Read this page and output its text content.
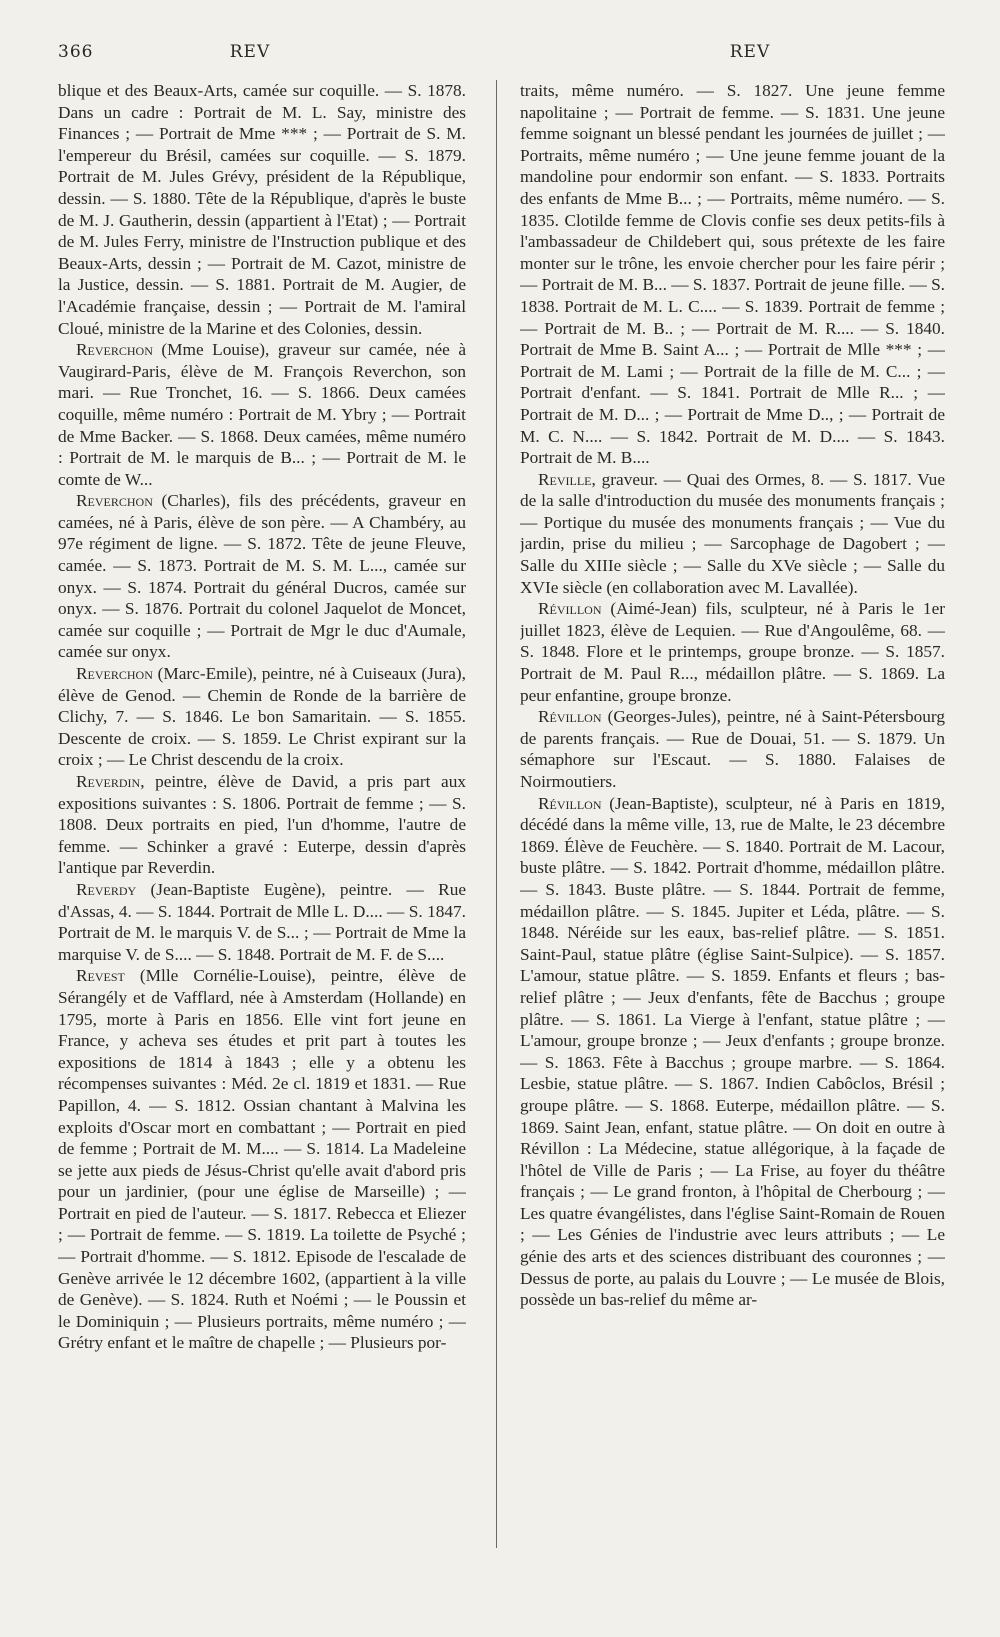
366	REV	REV

blique et des Beaux-Arts, camée sur coquille. — S. 1878. Dans un cadre : Portrait de M. L. Say, ministre des Finances ; — Portrait de Mme *** ; — Portrait de S. M. l'empereur du Brésil, camées sur coquille. — S. 1879. Portrait de M. Jules Grévy, président de la République, dessin. — S. 1880. Tête de la République, d'après le buste de M. J. Gautherin, dessin (appartient à l'Etat) ; — Portrait de M. Jules Ferry, ministre de l'Instruction publique et des Beaux-Arts, dessin ; — Portrait de M. Cazot, ministre de la Justice, dessin. — S. 1881. Portrait de M. Augier, de l'Académie française, dessin ; — Portrait de M. l'amiral Cloué, ministre de la Marine et des Colonies, dessin.

Reverchon (Mme Louise), graveur sur camée, née à Vaugirard-Paris, élève de M. François Reverchon, son mari. — Rue Tronchet, 16. — S. 1866. Deux camées coquille, même numéro : Portrait de M. Ybry ; — Portrait de Mme Backer. — S. 1868. Deux camées, même numéro : Portrait de M. le marquis de B... ; — Portrait de M. le comte de W...

Reverchon (Charles), fils des précédents, graveur en camées, né à Paris, élève de son père. — A Chambéry, au 97e régiment de ligne. — S. 1872. Tête de jeune Fleuve, camée. — S. 1873. Portrait de M. S. M. L..., camée sur onyx. — S. 1874. Portrait du général Ducros, camée sur onyx. — S. 1876. Portrait du colonel Jaquelot de Moncet, camée sur coquille ; — Portrait de Mgr le duc d'Aumale, camée sur onyx.

Reverchon (Marc-Emile), peintre, né à Cuiseaux (Jura), élève de Genod. — Chemin de Ronde de la barrière de Clichy, 7. — S. 1846. Le bon Samaritain. — S. 1855. Descente de croix. — S. 1859. Le Christ expirant sur la croix ; — Le Christ descendu de la croix.

Reverdin, peintre, élève de David, a pris part aux expositions suivantes : S. 1806. Portrait de femme ; — S. 1808. Deux portraits en pied, l'un d'homme, l'autre de femme. — Schinker a gravé : Euterpe, dessin d'après l'antique par Reverdin.

Reverdy (Jean-Baptiste Eugène), peintre. — Rue d'Assas, 4. — S. 1844. Portrait de Mlle L. D.... — S. 1847. Portrait de M. le marquis V. de S... ; — Portrait de Mme la marquise V. de S.... — S. 1848. Portrait de M. F. de S....

Revest (Mlle Cornélie-Louise), peintre, élève de Sérangély et de Vafflard, née à Amsterdam (Hollande) en 1795, morte à Paris en 1856. Elle vint fort jeune en France, y acheva ses études et prit part à toutes les expositions de 1814 à 1843 ; elle y a obtenu les récompenses suivantes : Méd. 2e cl. 1819 et 1831. — Rue Papillon, 4. — S. 1812. Ossian chantant à Malvina les exploits d'Oscar mort en combattant ; — Portrait en pied de femme ; Portrait de M. M.... — S. 1814. La Madeleine se jette aux pieds de Jésus-Christ qu'elle avait d'abord pris pour un jardinier, (pour une église de Marseille) ; — Portrait en pied de l'auteur. — S. 1817. Rebecca et Eliezer ; — Portrait de femme. — S. 1819. La toilette de Psyché ; — Portrait d'homme. — S. 1812. Episode de l'escalade de Genève arrivée le 12 décembre 1602, (appartient à la ville de Genève). — S. 1824. Ruth et Noémi ; — le Poussin et le Dominiquin ; — Plusieurs portraits, même numéro ; — Grétry enfant et le maître de chapelle ; — Plusieurs por-

traits, même numéro. — S. 1827. Une jeune femme napolitaine ; — Portrait de femme. — S. 1831. Une jeune femme soignant un blessé pendant les journées de juillet ; — Portraits, même numéro ; — Une jeune femme jouant de la mandoline pour endormir son enfant. — S. 1833. Portraits des enfants de Mme B... ; — Portraits, même numéro. — S. 1835. Clotilde femme de Clovis confie ses deux petits-fils à l'ambassadeur de Childebert qui, sous prétexte de les faire monter sur le trône, les envoie chercher pour les faire périr ; — Portrait de M. B... — S. 1837. Portrait de jeune fille. — S. 1838. Portrait de M. L. C.... — S. 1839. Portrait de femme ; — Portrait de M. B.. ; — Portrait de M. R.... — S. 1840. Portrait de Mme B. Saint A... ; — Portrait de Mlle *** ; — Portrait de M. Lami ; — Portrait de la fille de M. C... ; — Portrait d'enfant. — S. 1841. Portrait de Mlle R... ; — Portrait de M. D... ; — Portrait de Mme D.., ; — Portrait de M. C. N.... — S. 1842. Portrait de M. D.... — S. 1843. Portrait de M. B....

Reville, graveur. — Quai des Ormes, 8. — S. 1817. Vue de la salle d'introduction du musée des monuments français ; — Portique du musée des monuments français ; — Vue du jardin, prise du milieu ; — Sarcophage de Dagobert ; — Salle du XIIIe siècle ; — Salle du XVe siècle ; — Salle du XVIe siècle (en collaboration avec M. Lavallée).

Révillon (Aimé-Jean) fils, sculpteur, né à Paris le 1er juillet 1823, élève de Lequien. — Rue d'Angoulême, 68. — S. 1848. Flore et le printemps, groupe bronze. — S. 1857. Portrait de M. Paul R..., médaillon plâtre. — S. 1869. La peur enfantine, groupe bronze.

Révillon (Georges-Jules), peintre, né à Saint-Pétersbourg de parents français. — Rue de Douai, 51. — S. 1879. Un sémaphore sur l'Escaut. — S. 1880. Falaises de Noirmoutiers.

Révillon (Jean-Baptiste), sculpteur, né à Paris en 1819, décédé dans la même ville, 13, rue de Malte, le 23 décembre 1869. Élève de Feuchère. — S. 1840. Portrait de M. Lacour, buste plâtre. — S. 1842. Portrait d'homme, médaillon plâtre. — S. 1843. Buste plâtre. — S. 1844. Portrait de femme, médaillon plâtre. — S. 1845. Jupiter et Léda, plâtre. — S. 1848. Néréide sur les eaux, bas-relief plâtre. — S. 1851. Saint-Paul, statue plâtre (église Saint-Sulpice). — S. 1857. L'amour, statue plâtre. — S. 1859. Enfants et fleurs ; bas-relief plâtre ; — Jeux d'enfants, fête de Bacchus ; groupe plâtre. — S. 1861. La Vierge à l'enfant, statue plâtre ; — L'amour, groupe bronze ; — Jeux d'enfants ; groupe bronze. — S. 1863. Fête à Bacchus ; groupe marbre. — S. 1864. Lesbie, statue plâtre. — S. 1867. Indien Cabôclos, Brésil ; groupe plâtre. — S. 1868. Euterpe, médaillon plâtre. — S. 1869. Saint Jean, enfant, statue plâtre. — On doit en outre à Révillon : La Médecine, statue allégorique, à la façade de l'hôtel de Ville de Paris ; — La Frise, au foyer du théâtre français ; — Le grand fronton, à l'hôpital de Cherbourg ; — Les quatre évangélistes, dans l'église Saint-Romain de Rouen ; — Les Génies de l'industrie avec leurs attributs ; — Le génie des arts et des sciences distribuant des couronnes ; — Dessus de porte, au palais du Louvre ; — Le musée de Blois, possède un bas-relief du même ar-
